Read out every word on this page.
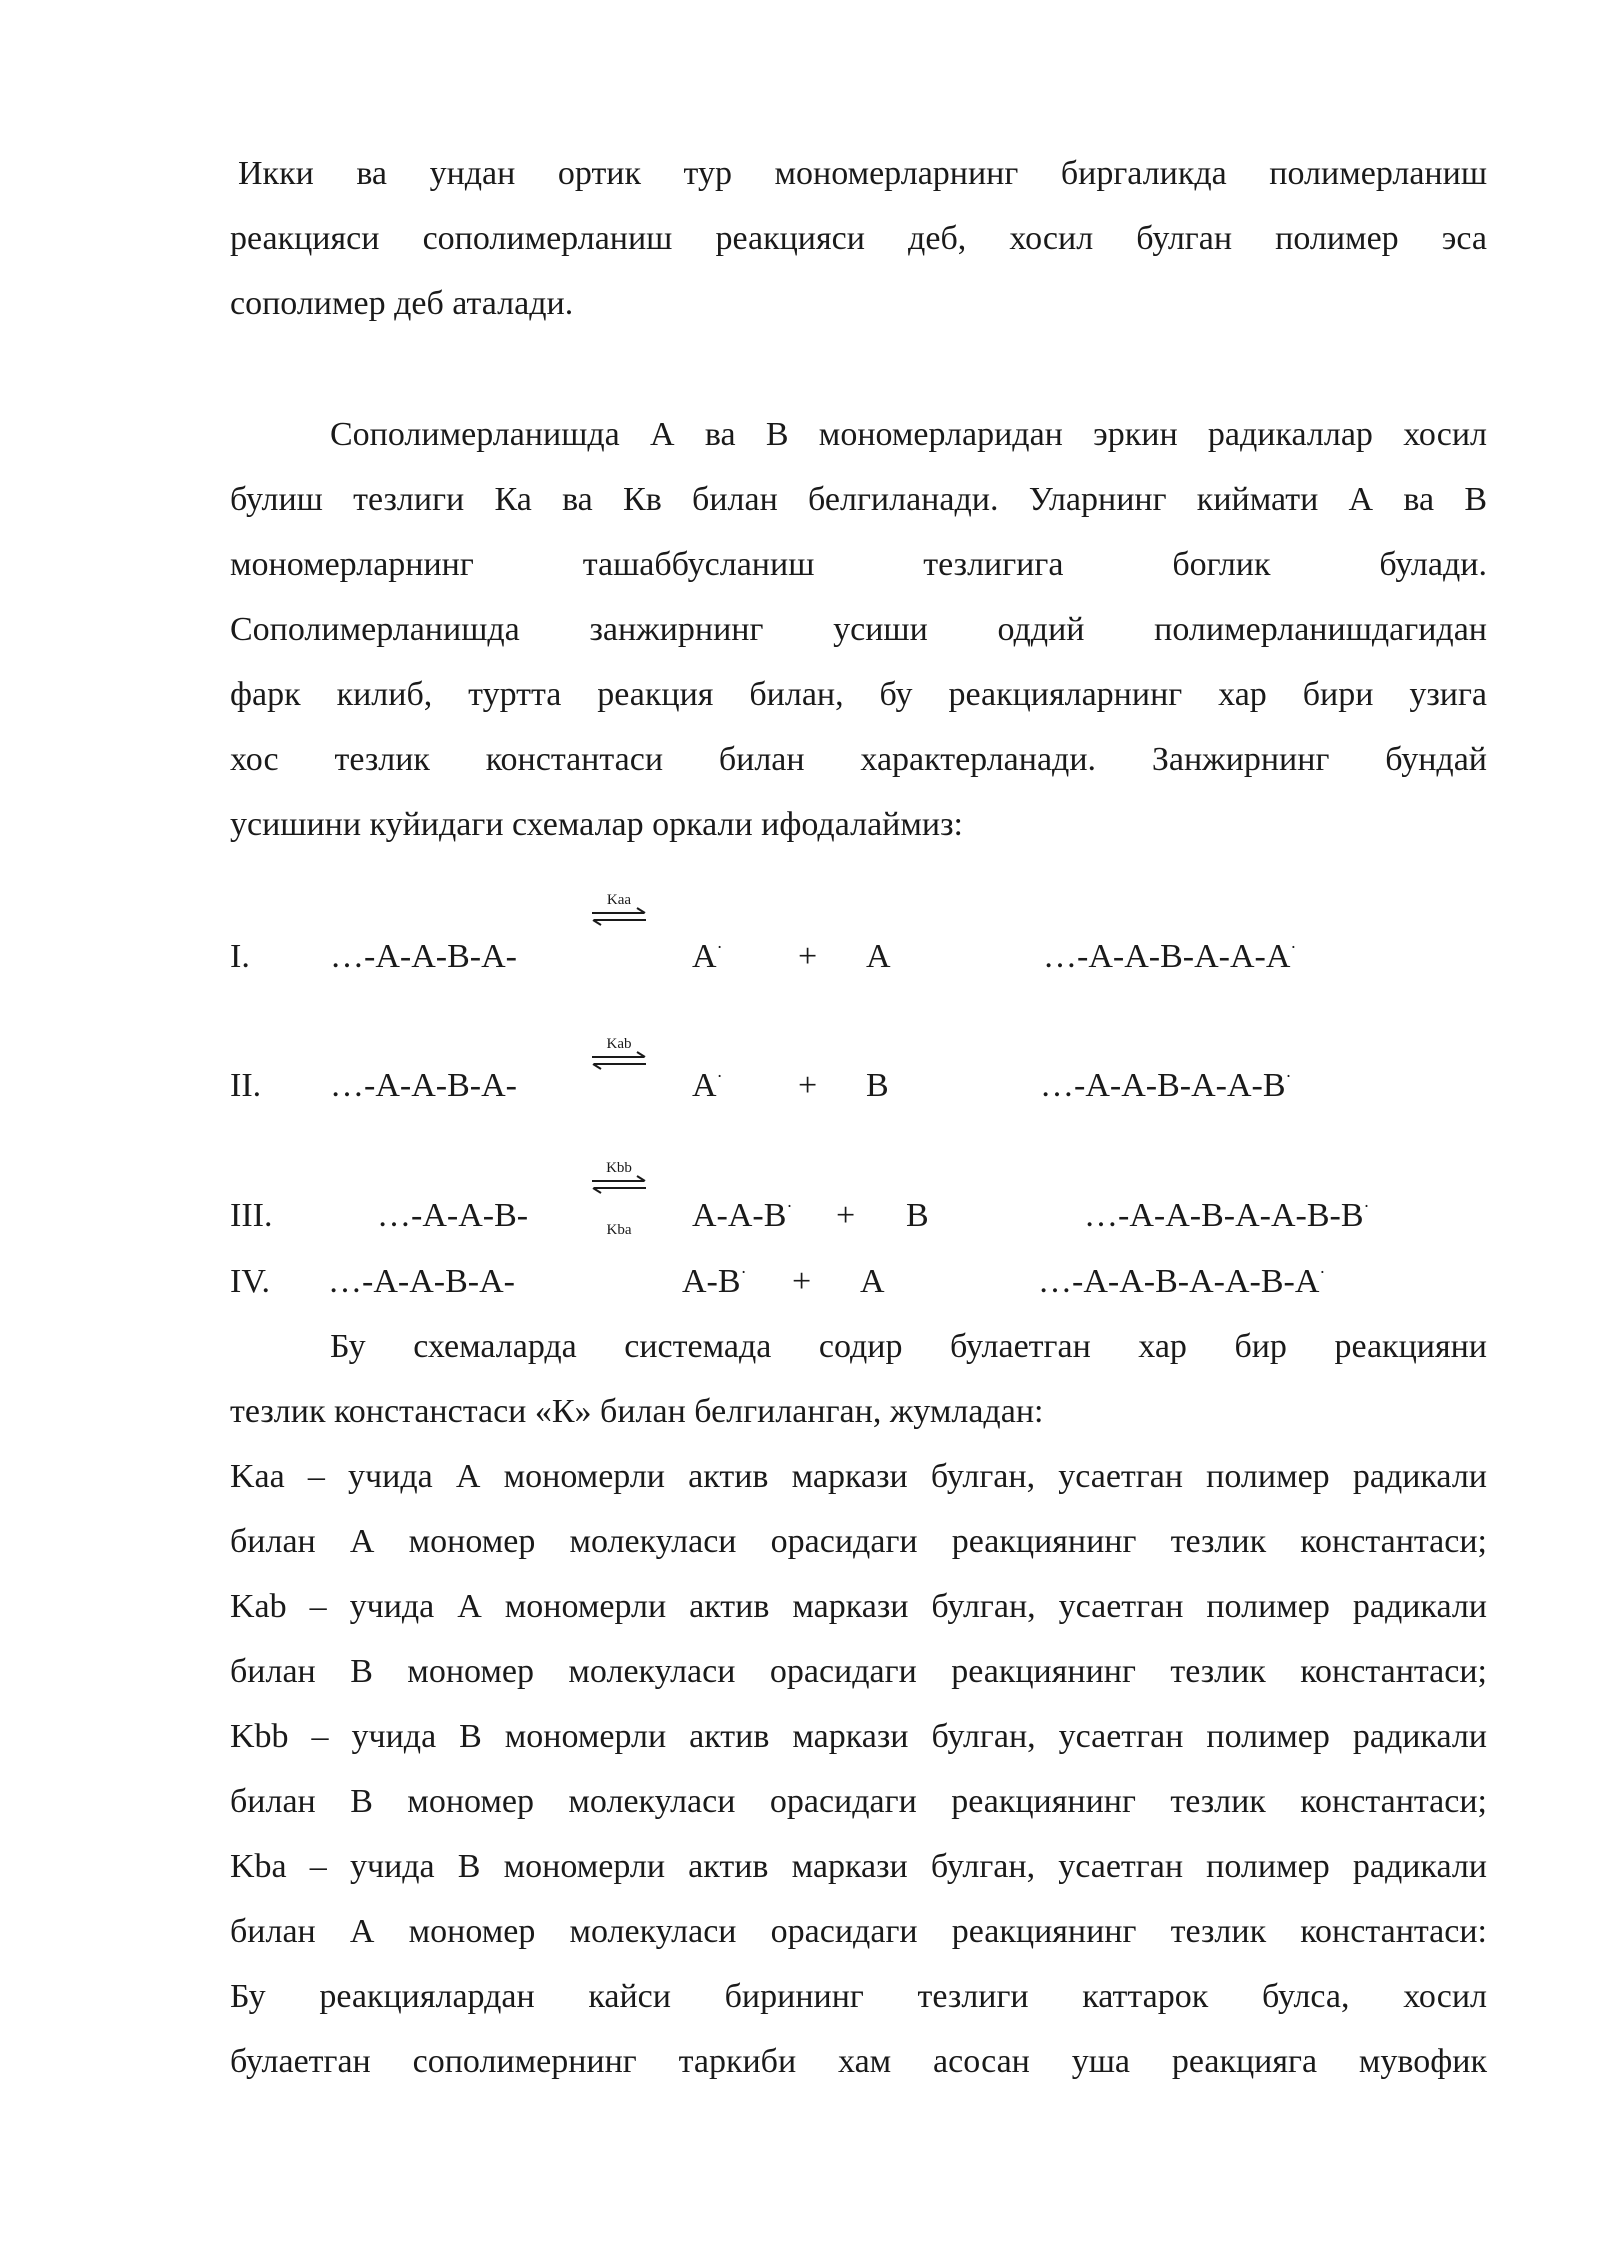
Икки ва ундан ортик тур мономерларнинг биргаликда полимерланиш
реакцияси сополимерланиш реакцияси деб, хосил булган полимер эса
сополимер деб аталади.
Сополимерланишда А ва В мономерларидан эркин радикаллар хосил
булиш тезлиги Ка ва Кв билан белгиланади. Уларнинг киймати А ва В
мономерларнинг ташаббусланиш тезлигига боглик булади.
Сополимерланишда занжирнинг усиши оддий полимерланишдагидан
фарк килиб, туртта реакция билан, бу реакцияларнинг хар бири узига
хос тезлик константаси билан характерланади. Занжирнинг бундай
усишини куйидаги схемалар оркали ифодалаймиз:
I. …-А-А-В-А-
Kaa
А· + А	…-А-А-В-А-А-А·
II. …-А-А-В-А-
Kab
А· + В	…-А-А-В-А-А-В·
III.	…-А-А-В-
Kbb
Kba	А-А-В· + В	…-А-А-В-А-А-В-В·
IV. …-А-А-В-А-	А-В· + А	…-А-А-В-А-А-В-А·
Бу схемаларда системада содир булаетган хар бир реакцияни
тезлик констанстаси «К» билан белгиланган, жумладан:
Kaa – учида А мономерли актив маркази булган, усаетган полимер радикали
билан А мономер молекуласи орасидаги реакциянинг тезлик константаси;
Kab – учида А мономерли актив маркази булган, усаетган полимер радикали
билан В мономер молекуласи орасидаги реакциянинг тезлик константаси;
Kbb – учида В мономерли актив маркази булган, усаетган полимер радикали
билан В мономер молекуласи орасидаги реакциянинг тезлик константаси;
Kba – учида В мономерли актив маркази булган, усаетган полимер радикали
билан А мономер молекуласи орасидаги реакциянинг тезлик константаси:
Бу реакциялардан кайси бирининг тезлиги каттарок булса, хосил
булаетган сополимернинг таркиби хам асосан уша реакцияга мувофик
